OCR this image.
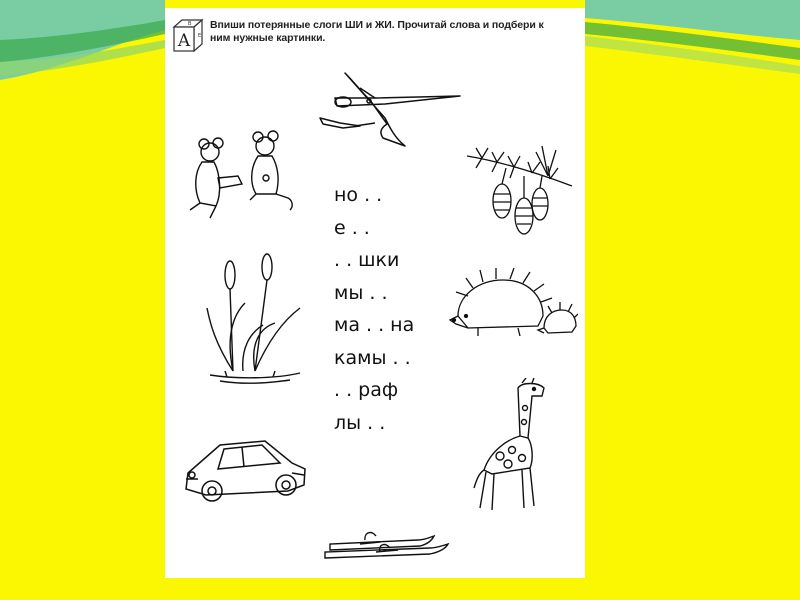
A
B
E
Впиши потерянные слоги ШИ и ЖИ. Прочитай слова и подбери к ним нужные картинки.
но . .
е . .
. . шки
мы . .
ма . . на
камы . .
. . раф
лы . .
